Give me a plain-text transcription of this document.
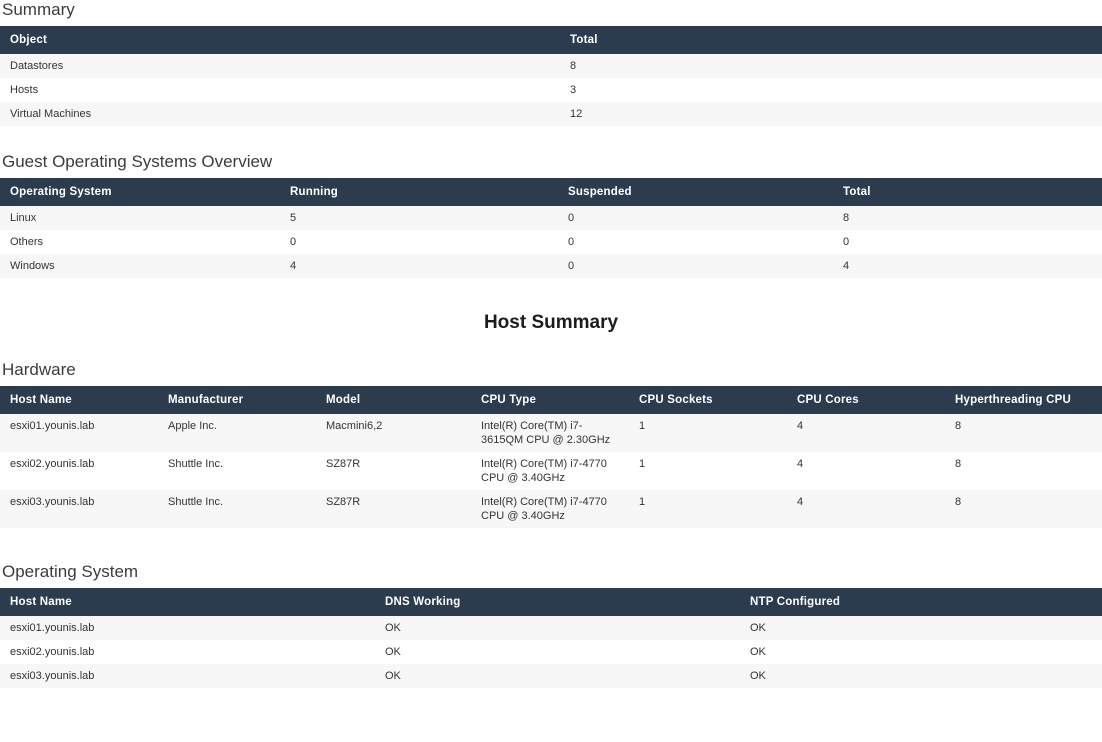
Summary
Object	Total
Datastores	8
Hosts	3
Virtual Machines	12
Guest Operating Systems Overview
Operating System	Running	Suspended	Total
Linux	5	0	8
Others	0	0	0
Windows	4	0	4
Host Summary
Hardware
Host Name	Manufacturer	Model	CPU Type	CPU Sockets	CPU Cores	Hyperthreading CPU
esxi01.younis.lab	Apple Inc.	Macmini6,2	Intel(R) Core(TM) i7-3615QM CPU @ 2.30GHz	1	4	8
esxi02.younis.lab	Shuttle Inc.	SZ87R	Intel(R) Core(TM) i7-4770 CPU @ 3.40GHz	1	4	8
esxi03.younis.lab	Shuttle Inc.	SZ87R	Intel(R) Core(TM) i7-4770 CPU @ 3.40GHz	1	4	8
Operating System
Host Name	DNS Working	NTP Configured
esxi01.younis.lab	OK	OK
esxi02.younis.lab	OK	OK
esxi03.younis.lab	OK	OK
